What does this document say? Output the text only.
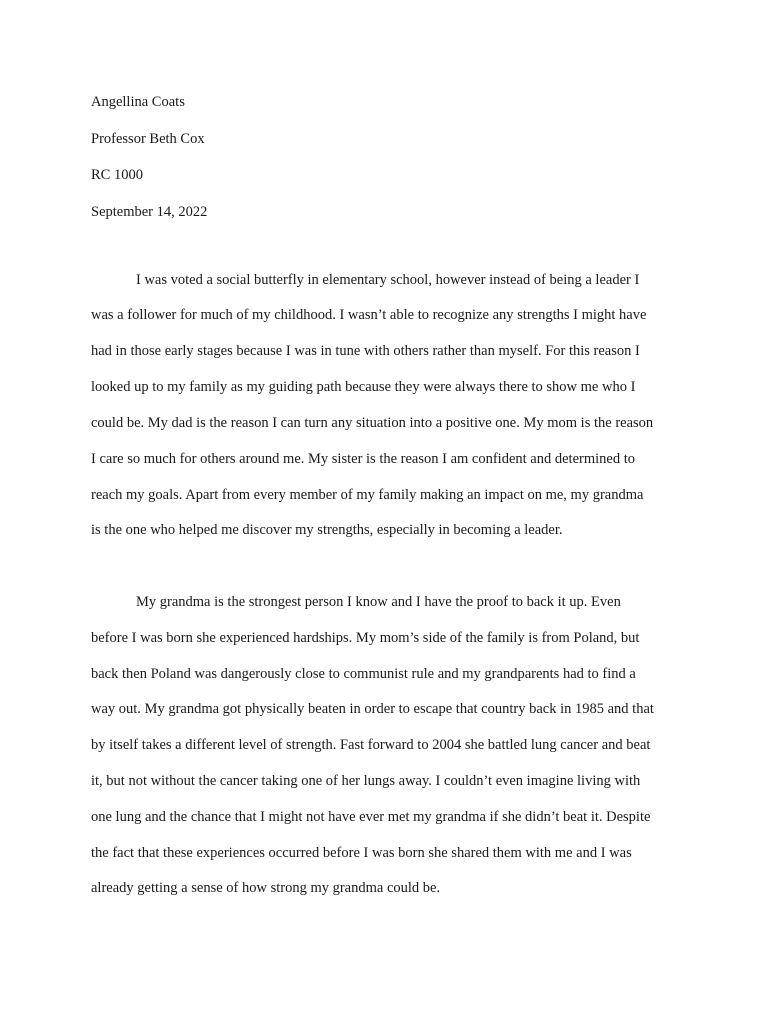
Angellina Coats
Professor Beth Cox
RC 1000
September 14, 2022
I was voted a social butterfly in elementary school, however instead of being a leader I
was a follower for much of my childhood. I wasn’t able to recognize any strengths I might have
had in those early stages because I was in tune with others rather than myself. For this reason I
looked up to my family as my guiding path because they were always there to show me who I
could be. My dad is the reason I can turn any situation into a positive one. My mom is the reason
I care so much for others around me. My sister is the reason I am confident and determined to
reach my goals. Apart from every member of my family making an impact on me, my grandma
is the one who helped me discover my strengths, especially in becoming a leader.
My grandma is the strongest person I know and I have the proof to back it up. Even
before I was born she experienced hardships. My mom’s side of the family is from Poland, but
back then Poland was dangerously close to communist rule and my grandparents had to find a
way out. My grandma got physically beaten in order to escape that country back in 1985 and that
by itself takes a different level of strength. Fast forward to 2004 she battled lung cancer and beat
it, but not without the cancer taking one of her lungs away. I couldn’t even imagine living with
one lung and the chance that I might not have ever met my grandma if she didn’t beat it. Despite
the fact that these experiences occurred before I was born she shared them with me and I was
already getting a sense of how strong my grandma could be.
